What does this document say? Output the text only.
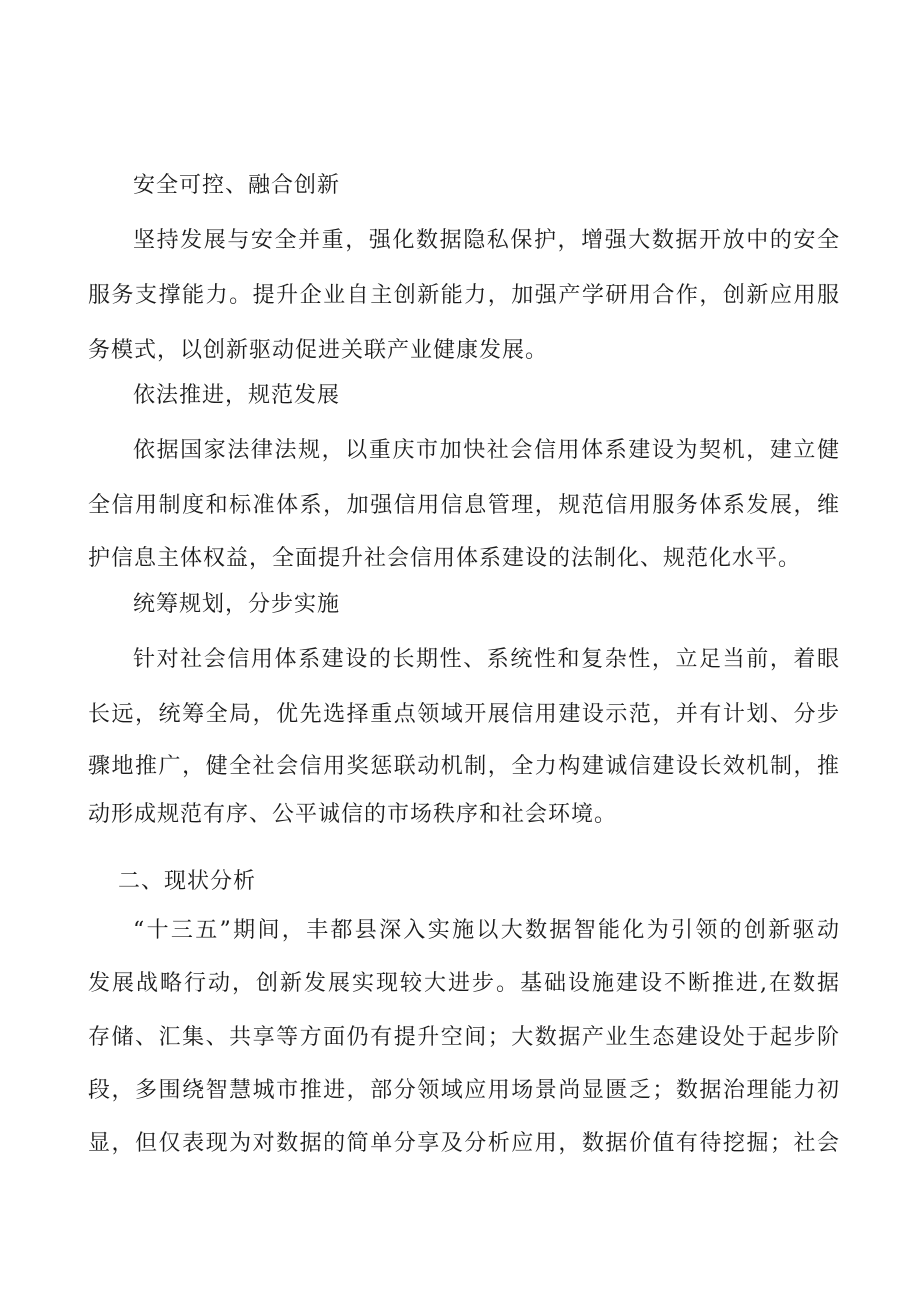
安全可控、融合创新
坚持发展与安全并重，强化数据隐私保护，增强大数据开放中的安全
服务支撑能力。提升企业自主创新能力，加强产学研用合作，创新应用服
务模式，以创新驱动促进关联产业健康发展。
依法推进，规范发展
依据国家法律法规，以重庆市加快社会信用体系建设为契机，建立健
全信用制度和标准体系，加强信用信息管理，规范信用服务体系发展，维
护信息主体权益，全面提升社会信用体系建设的法制化、规范化水平。
统筹规划，分步实施
针对社会信用体系建设的长期性、系统性和复杂性，立足当前，着眼
长远，统筹全局，优先选择重点领域开展信用建设示范，并有计划、分步
骤地推广，健全社会信用奖惩联动机制，全力构建诚信建设长效机制，推
动形成规范有序、公平诚信的市场秩序和社会环境。
二、现状分析
“十三五”期间，丰都县深入实施以大数据智能化为引领的创新驱动
发展战略行动，创新发展实现较大进步。基础设施建设不断推进,在数据
存储、汇集、共享等方面仍有提升空间；大数据产业生态建设处于起步阶
段，多围绕智慧城市推进，部分领域应用场景尚显匮乏；数据治理能力初
显，但仅表现为对数据的简单分享及分析应用，数据价值有待挖掘；社会
